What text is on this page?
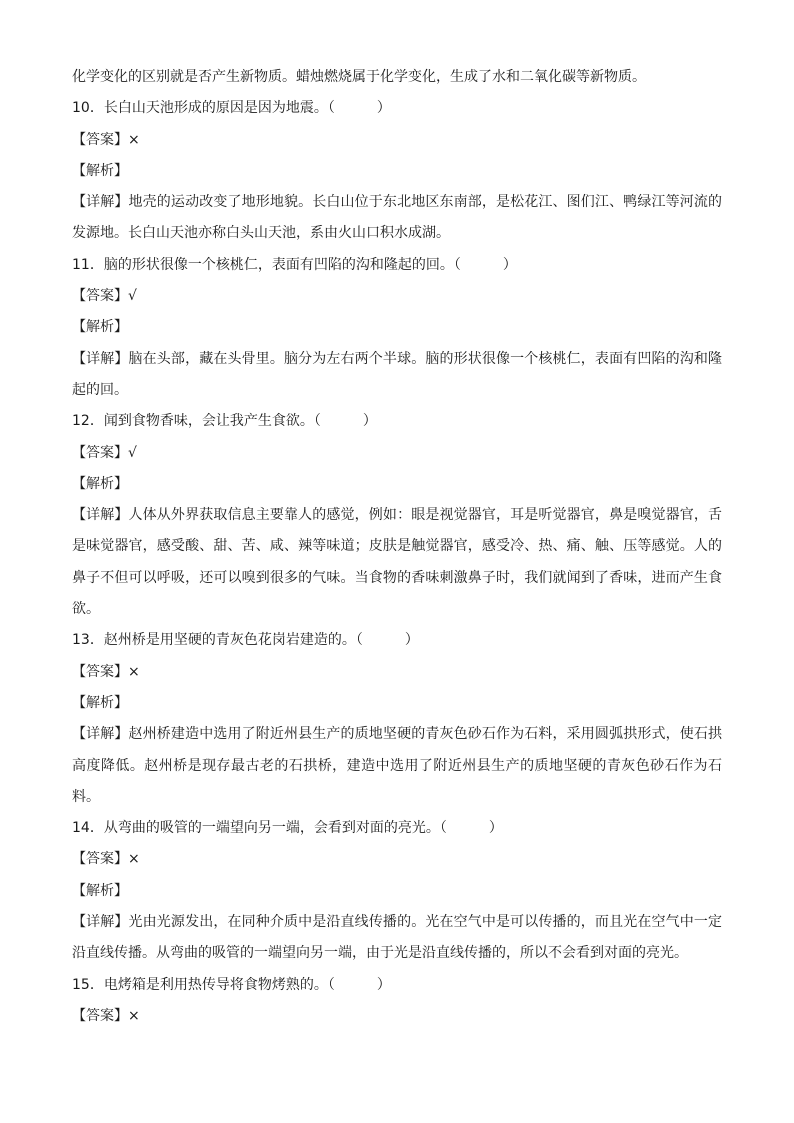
化学变化的区别就是否产生新物质。蜡烛燃烧属于化学变化，生成了水和二氧化碳等新物质。
10．长白山天池形成的原因是因为地震。（　　　）
【答案】×
【解析】
【详解】地壳的运动改变了地形地貌。长白山位于东北地区东南部，是松花江、图们江、鸭绿江等河流的发源地。长白山天池亦称白头山天池，系由火山口积水成湖。
11．脑的形状很像一个核桃仁，表面有凹陷的沟和隆起的回。（　　　）
【答案】√
【解析】
【详解】脑在头部，藏在头骨里。脑分为左右两个半球。脑的形状很像一个核桃仁，表面有凹陷的沟和隆起的回。
12．闻到食物香味，会让我产生食欲。（　　　）
【答案】√
【解析】
【详解】人体从外界获取信息主要靠人的感觉，例如：眼是视觉器官，耳是听觉器官，鼻是嗅觉器官，舌是味觉器官，感受酸、甜、苦、咸、辣等味道；皮肤是触觉器官，感受冷、热、痛、触、压等感觉。人的鼻子不但可以呼吸，还可以嗅到很多的气味。当食物的香味刺激鼻子时，我们就闻到了香味，进而产生食欲。
13．赵州桥是用坚硬的青灰色花岗岩建造的。（　　　）
【答案】×
【解析】
【详解】赵州桥建造中选用了附近州县生产的质地坚硬的青灰色砂石作为石料，采用圆弧拱形式，使石拱高度降低。赵州桥是现存最古老的石拱桥，建造中选用了附近州县生产的质地坚硬的青灰色砂石作为石料。
14．从弯曲的吸管的一端望向另一端，会看到对面的亮光。（　　　）
【答案】×
【解析】
【详解】光由光源发出，在同种介质中是沿直线传播的。光在空气中是可以传播的，而且光在空气中一定沿直线传播。从弯曲的吸管的一端望向另一端，由于光是沿直线传播的，所以不会看到对面的亮光。
15．电烤箱是利用热传导将食物烤熟的。（　　　）
【答案】×
